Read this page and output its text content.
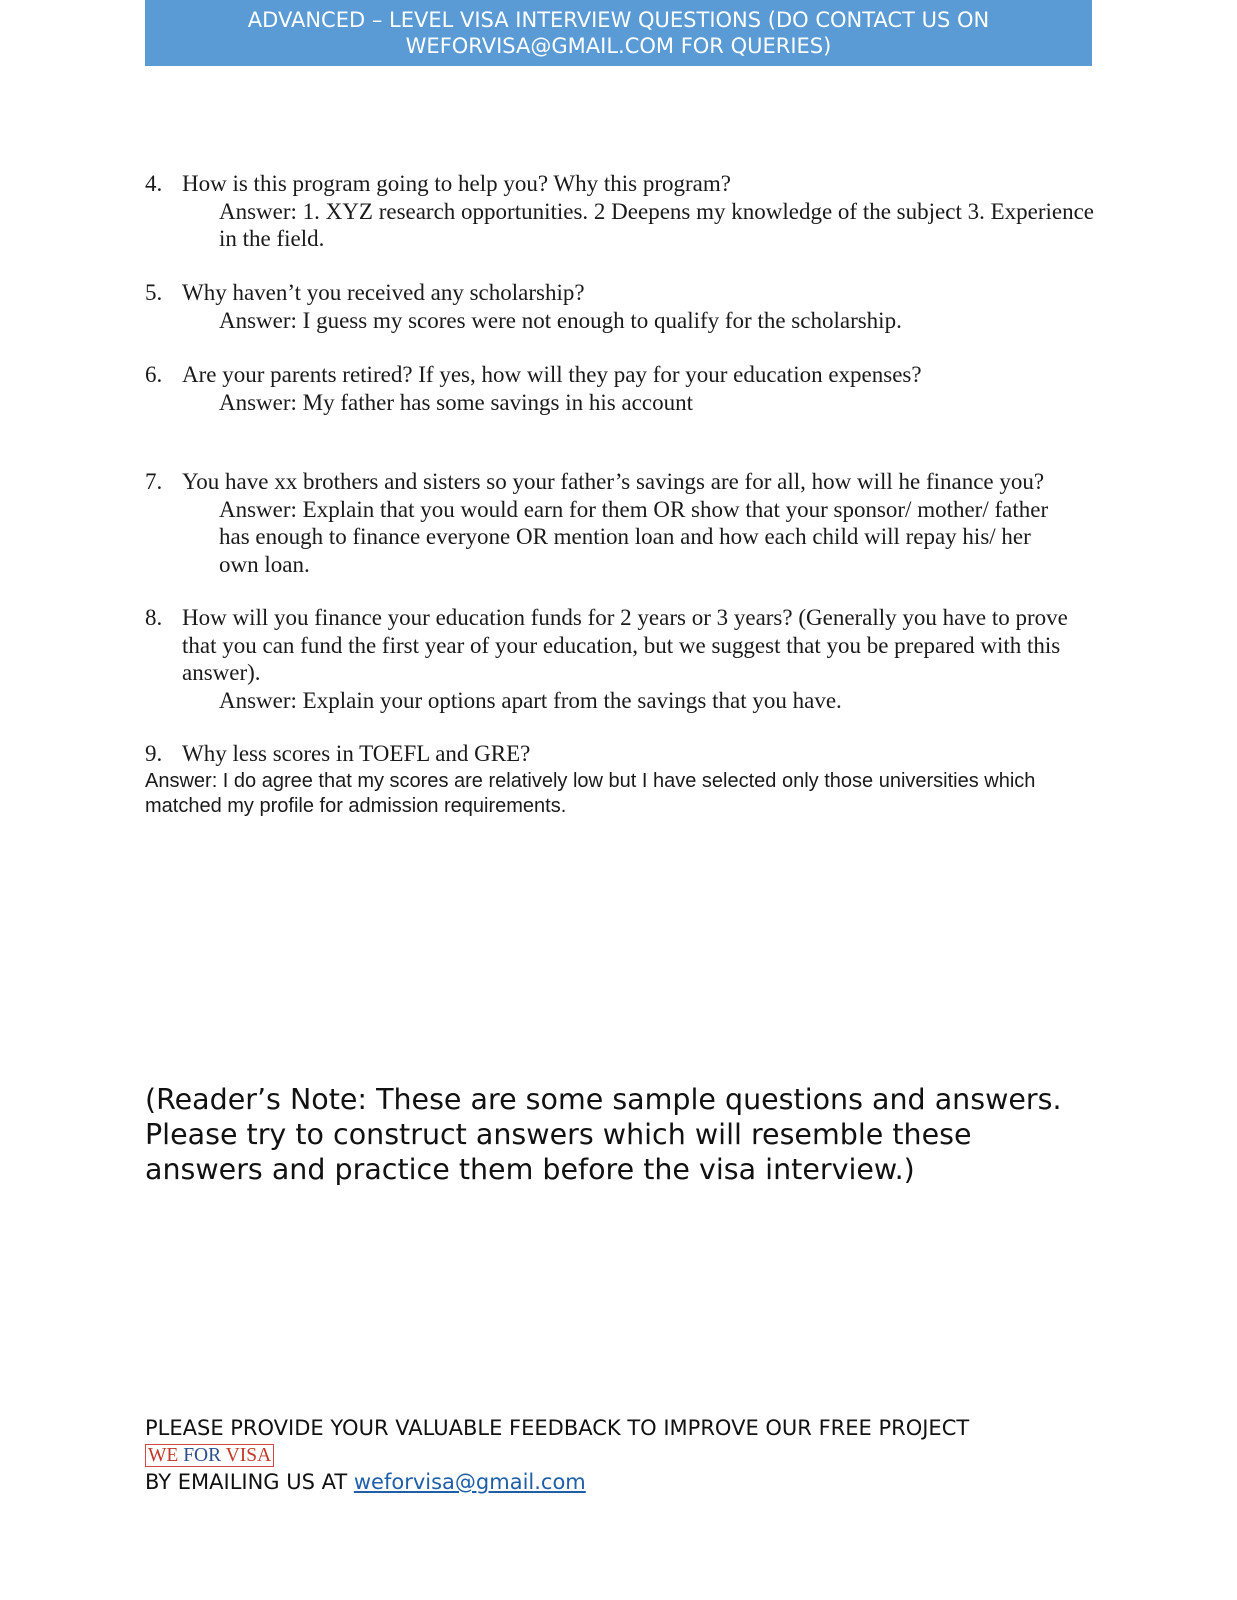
ADVANCED – LEVEL VISA INTERVIEW QUESTIONS (DO CONTACT US ON
WEFORVISA@GMAIL.COM FOR QUERIES)
4. How is this program going to help you? Why this program?
Answer: 1. XYZ research opportunities. 2 Deepens my knowledge of the subject 3. Experience in the field.
5. Why haven’t you received any scholarship?
Answer: I guess my scores were not enough to qualify for the scholarship.
6. Are your parents retired? If yes, how will they pay for your education expenses?
Answer: My father has some savings in his account
7. You have xx brothers and sisters so your father’s savings are for all, how will he finance you?
Answer: Explain that you would earn for them OR show that your sponsor/ mother/ father has enough to finance everyone OR mention loan and how each child will repay his/ her own loan.
8. How will you finance your education funds for 2 years or 3 years? (Generally you have to prove that you can fund the first year of your education, but we suggest that you be prepared with this answer).
Answer: Explain your options apart from the savings that you have.
9. Why less scores in TOEFL and GRE?
Answer: I do agree that my scores are relatively low but I have selected only those universities which matched my profile for admission requirements.
(Reader’s Note: These are some sample questions and answers. Please try to construct answers which will resemble these answers and practice them before the visa interview.)
PLEASE PROVIDE YOUR VALUABLE FEEDBACK TO IMPROVE OUR FREE PROJECT
WE FOR VISA
BY EMAILING US AT weforvisa@gmail.com
